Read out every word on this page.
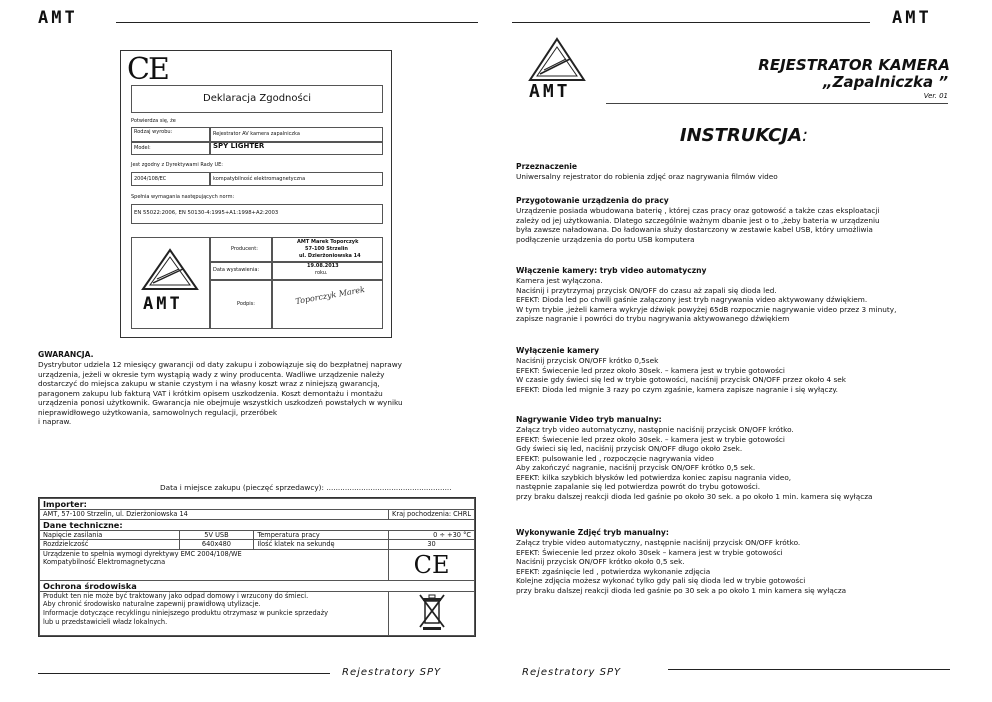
AMT
CE
Deklaracja Zgodności
Potwierdza się, że
Rodzaj wyrobu:	Rejestrator AV kamera zapalniczka
Model:	SPY LIGHTER
Jest zgodny z Dyrektywami Rady UE:
2004/108/EC	kompatybilność elektromagnetyczna
Spełnia wymagania następujących norm:
EN 55022:2006, EN 50130-4:1995+A1:1998+A2:2003
AMT
Producent:
AMT Marek Toporczyk
57-100 Strzelin
ul. Dzierżoniowska 14
Data wystawienia:
19.08.2013
roku.
Podpis:	Toporczyk Marek
GWARANCJA.
Dystrybutor udziela 12 miesięcy gwarancji od daty zakupu i zobowiązuje się do bezpłatnej naprawy
urządzenia, jeżeli w okresie tym wystąpią wady z winy producenta. Wadliwe urządzenie należy
dostarczyć do miejsca zakupu w stanie czystym i na własny koszt wraz z niniejszą gwarancją,
paragonem zakupu lub fakturą VAT i krótkim opisem uszkodzenia. Koszt demontażu i montażu
urządzenia ponosi użytkownik. Gwarancja nie obejmuje wszystkich uszkodzeń powstałych w wyniku
nieprawidłowego użytkowania, samowolnych regulacji, przeróbek
i napraw.
Data i miejsce zakupu (pieczęć sprzedawcy): ......................................................
Importer:			
AMT, 57-100 Strzelin, ul. Dzierżoniowska 14			Kraj pochodzenia: CHRL
Dane techniczne:			
Napięcie zasilania	5V USB	Temperatura pracy	0 ÷ +30 °C
Rozdzielczość	640x480	Ilość klatek na sekundę	30

Urządzenie to spełnia wymogi dyrektywy EMC 2004/108/WE
Kompatybilność Elektromagnetyczna			CE
Ochrona środowiska			

Produkt ten nie może być traktowany jako odpad domowy i wrzucony do śmieci.
Aby chronić środowisko naturalne zapewnij prawidłową utylizacje.
Informacje dotyczące recyklingu niniejszego produktu otrzymasz w punkcie sprzedaży
lub u przedstawicieli władz lokalnych.

Rejestratory SPY
AMT
AMT
REJESTRATOR KAMERA
„Zapalniczka ”
Ver. 01
INSTRUKCJA:
Przeznaczenie
Uniwersalny rejestrator do robienia zdjęć oraz nagrywania filmów video
Przygotowanie urządzenia do pracy
Urządzenie posiada wbudowana baterię , której czas pracy oraz gotowość a także czas eksploatacji
zależy od jej użytkowania. Dlatego szczególnie ważnym dbanie jest o to ,żeby bateria w urządzeniu
była zawsze naładowana. Do ładowania służy dostarczony w zestawie kabel USB, który umożliwia
podłączenie urządzenia do portu USB komputera
Włączenie kamery: tryb video automatyczny
Kamera jest wyłączona.
Naciśnij i przytrzymaj przycisk ON/OFF do czasu aż zapali się dioda led.
EFEKT: Dioda led po chwili gaśnie załączony jest tryb nagrywania video aktywowany dźwiękiem.
W tym trybie ,jeżeli kamera wykryje dźwięk powyżej 65dB rozpocznie nagrywanie video przez 3 minuty,
zapisze nagranie i powróci do trybu nagrywania aktywowanego dźwiękiem
Wyłączenie kamery
Naciśnij przycisk ON/OFF krótko 0,5sek
EFEKT: Świecenie led przez około 30sek. – kamera jest w trybie gotowości
W czasie gdy świeci się led w trybie gotowości, naciśnij przycisk ON/OFF przez około 4 sek
EFEKT: Dioda led mignie 3 razy po czym zgaśnie, kamera zapisze nagranie i się wyłączy.
Nagrywanie Video tryb manualny:
Załącz tryb video automatyczny, następnie naciśnij przycisk ON/OFF krótko.
EFEKT: Świecenie led przez około 30sek. – kamera jest w trybie gotowości
Gdy świeci się led, naciśnij przycisk ON/OFF długo około 2sek.
EFEKT: pulsowanie led , rozpoczęcie nagrywania video
Aby zakończyć nagranie, naciśnij przycisk ON/OFF krótko 0,5 sek.
EFEKT: kilka szybkich błysków led potwierdza koniec zapisu nagrania video,
następnie zapalanie się led potwierdza powrót do trybu gotowości.
przy braku dalszej reakcji dioda led gaśnie po około 30 sek. a po około 1 min. kamera się wyłącza
Wykonywanie Zdjęć tryb manualny:
Załącz trybie video automatyczny, następnie naciśnij przycisk ON/OFF krótko.
EFEKT: Świecenie led przez około 30sek – kamera jest w trybie gotowości
Naciśnij przycisk ON/OFF krótko około 0,5 sek.
EFEKT: zgaśnięcie led , potwierdza wykonanie zdjęcia
Kolejne zdjęcia możesz wykonać tylko gdy pali się dioda led w trybie gotowości
przy braku dalszej reakcji dioda led gaśnie po 30 sek a po około 1 min kamera się wyłącza
Rejestratory SPY
